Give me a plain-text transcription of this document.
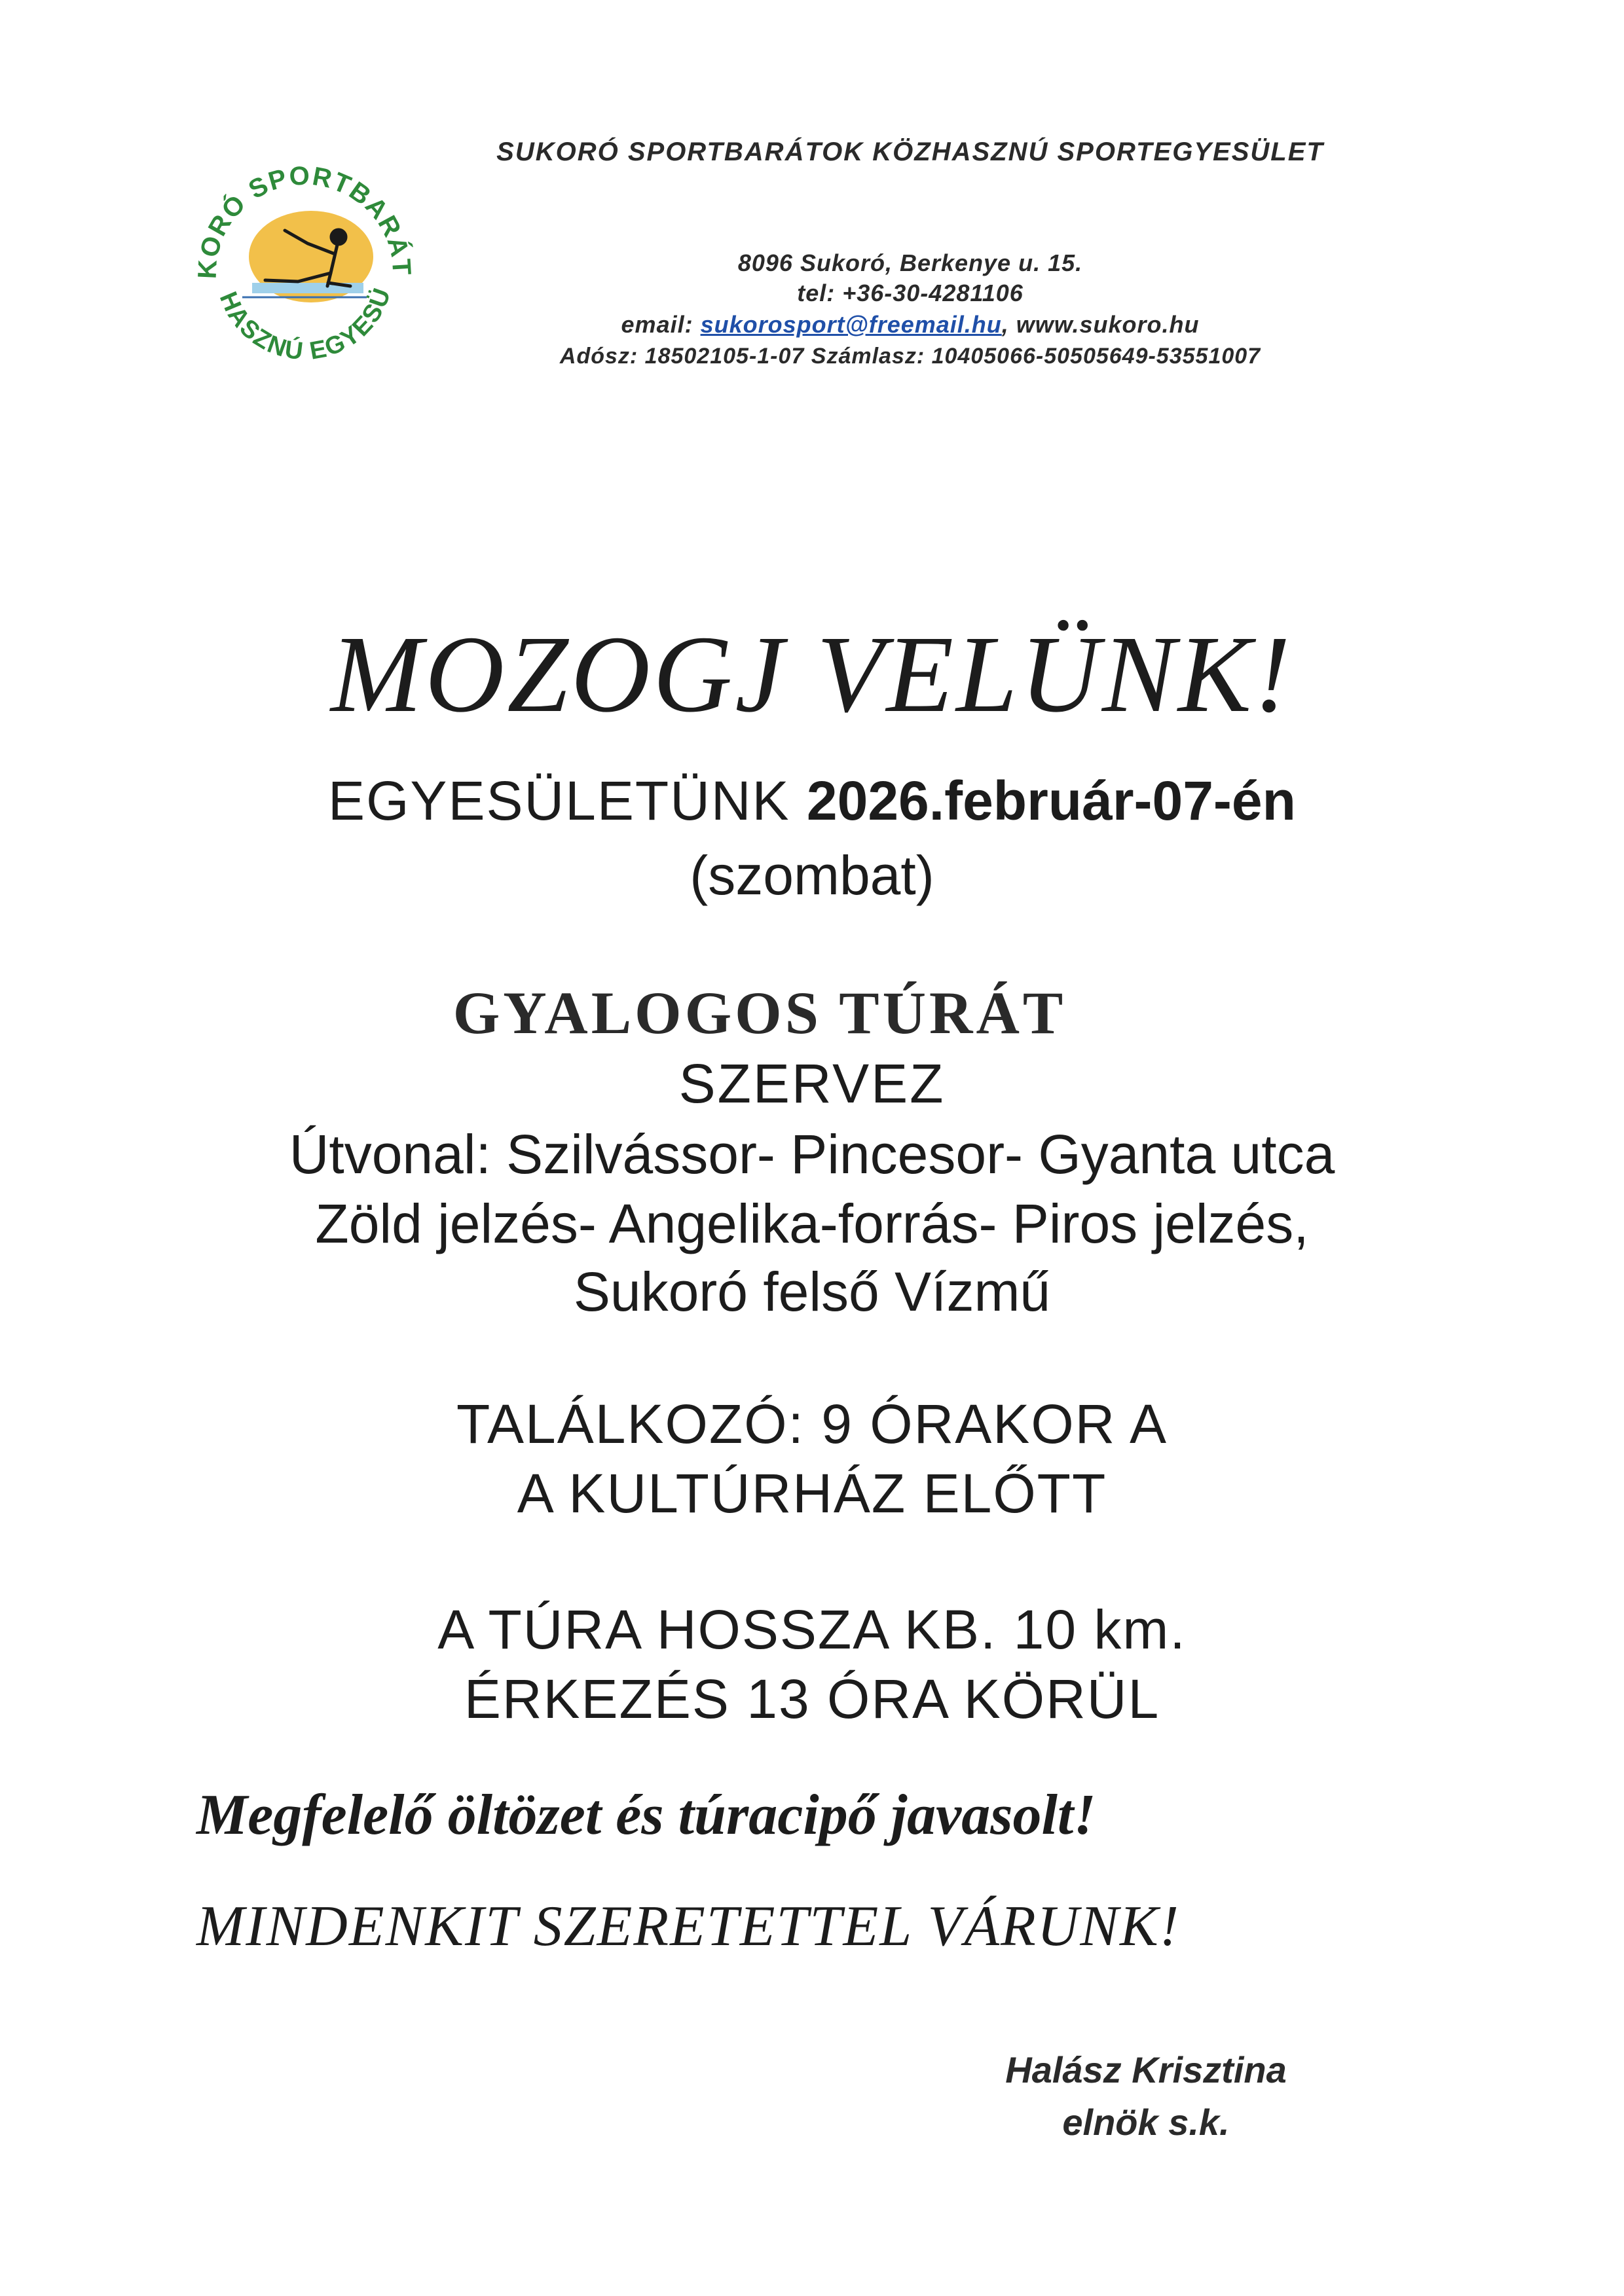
KORÓ SPORTBARÁT
HASZNÚ EGYESÜ
SUKORÓ SPORTBARÁTOK KÖZHASZNÚ SPORTEGYESÜLET
8096 Sukoró, Berkenye u. 15.
tel: +36-30-4281106
email: sukorosport@freemail.hu, www.sukoro.hu
Adósz: 18502105-1-07 Számlasz: 10405066-50505649-53551007
MOZOGJ VELÜNK!
EGYESÜLETÜNK 2026.február-07-én
(szombat)
GYALOGOS TÚRÁT
SZERVEZ
Útvonal: Szilvássor- Pincesor- Gyanta utca
Zöld jelzés- Angelika-forrás- Piros jelzés,
Sukoró felső Vízmű
TALÁLKOZÓ: 9 ÓRAKOR A
A KULTÚRHÁZ ELŐTT
A TÚRA HOSSZA KB. 10 km.
ÉRKEZÉS 13 ÓRA KÖRÜL
Megfelelő öltözet és túracipő javasolt!
MINDENKIT SZERETETTEL VÁRUNK!
Halász Krisztina
elnök s.k.
